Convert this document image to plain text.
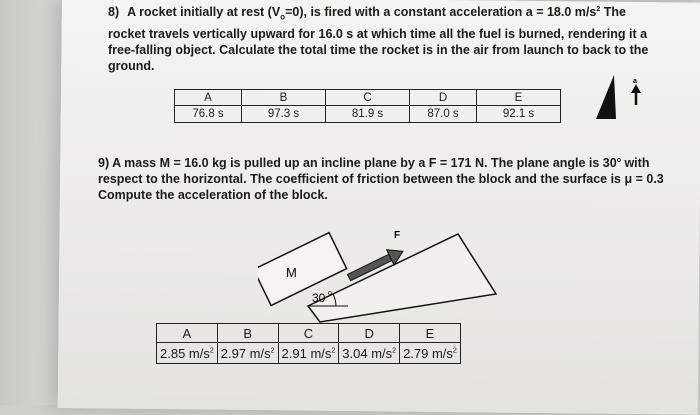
8) A rocket initially at rest $(V_o=0)$, is fired with a constant acceleration a = 18.0 $m/s^2$ The rocket travels vertically upward for 16.0 s at which time all the fuel is burned, rendering it a free-falling object. Calculate the total time the rocket is in the air from launch to back to the ground.
A	B	C	D	E
76.8 s	97.3 s	81.9 s	87.0 s	92.1 s
a
9) A mass M = 16.0 kg is pulled up an incline plane by a F = 171 N. The plane angle is 30$^o$ with respect to the horizontal. The coefficient of friction between the block and the surface is μ = 0.3 Compute the acceleration of the block.
M
F
30 o
A	B	C	D	E
2.85 $m/s^2$	2.97 $m/s^2$	2.91 $m/s^2$	3.04 $m/s^2$	2.79 $m/s^2$
